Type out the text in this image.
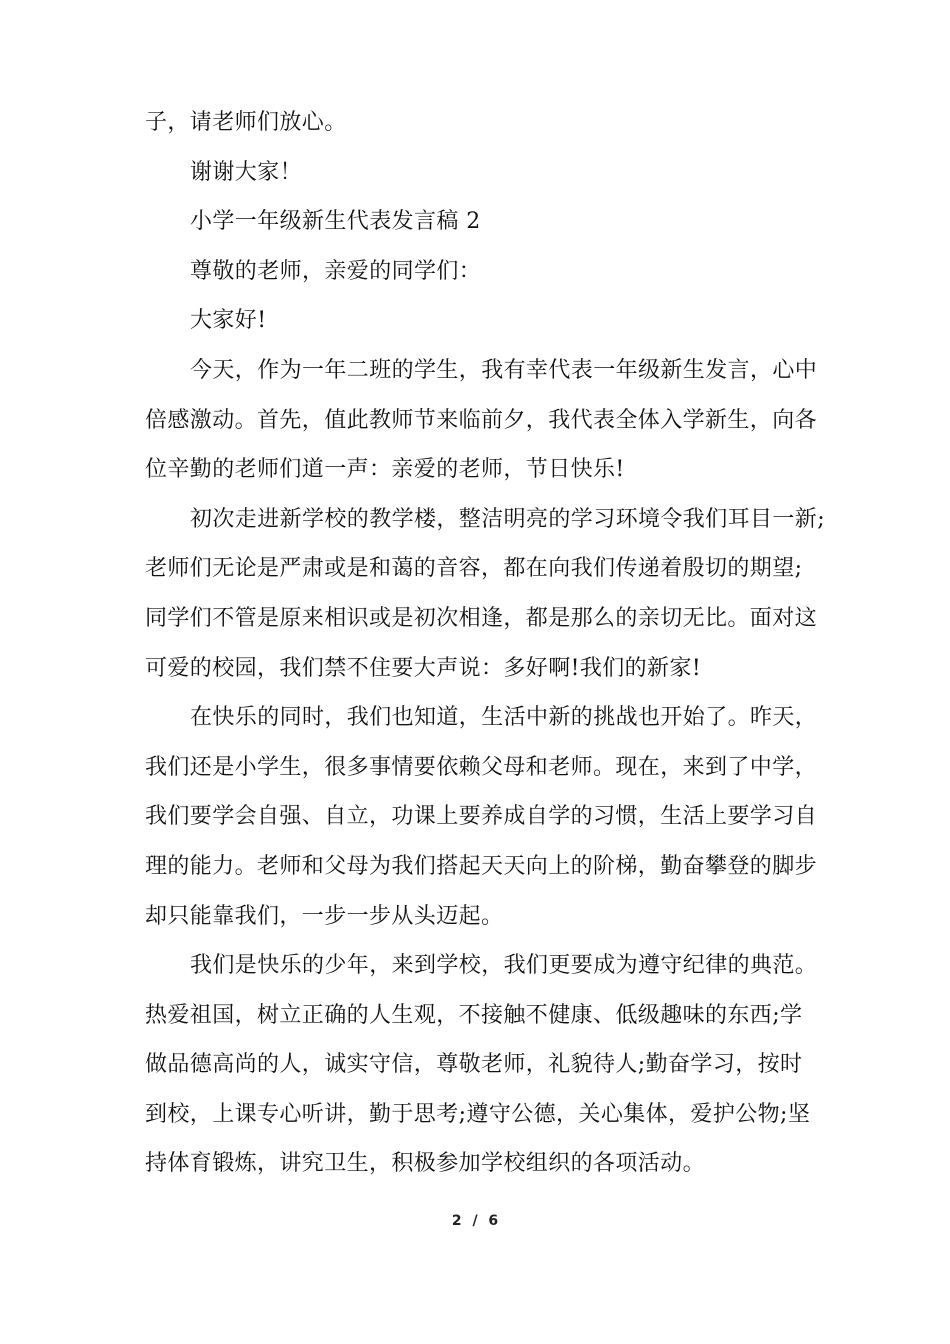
子，请老师们放心。
谢谢大家！
小学一年级新生代表发言稿 2
尊敬的老师，亲爱的同学们：
大家好!
今天，作为一年二班的学生，我有幸代表一年级新生发言，心中
倍感激动。首先，值此教师节来临前夕，我代表全体入学新生，向各
位辛勤的老师们道一声：亲爱的老师，节日快乐!
初次走进新学校的教学楼，整洁明亮的学习环境令我们耳目一新;
老师们无论是严肃或是和蔼的音容，都在向我们传递着殷切的期望;
同学们不管是原来相识或是初次相逢，都是那么的亲切无比。面对这
可爱的校园，我们禁不住要大声说：多好啊!我们的新家!
在快乐的同时，我们也知道，生活中新的挑战也开始了。昨天，
我们还是小学生，很多事情要依赖父母和老师。现在，来到了中学，
我们要学会自强、自立，功课上要养成自学的习惯，生活上要学习自
理的能力。老师和父母为我们搭起天天向上的阶梯，勤奋攀登的脚步
却只能靠我们，一步一步从头迈起。
我们是快乐的少年，来到学校，我们更要成为遵守纪律的典范。
热爱祖国，树立正确的人生观，不接触不健康、低级趣味的东西;学
做品德高尚的人，诚实守信，尊敬老师，礼貌待人;勤奋学习，按时
到校，上课专心听讲，勤于思考;遵守公德，关心集体，爱护公物;坚
持体育锻炼，讲究卫生，积极参加学校组织的各项活动。
2 / 6
